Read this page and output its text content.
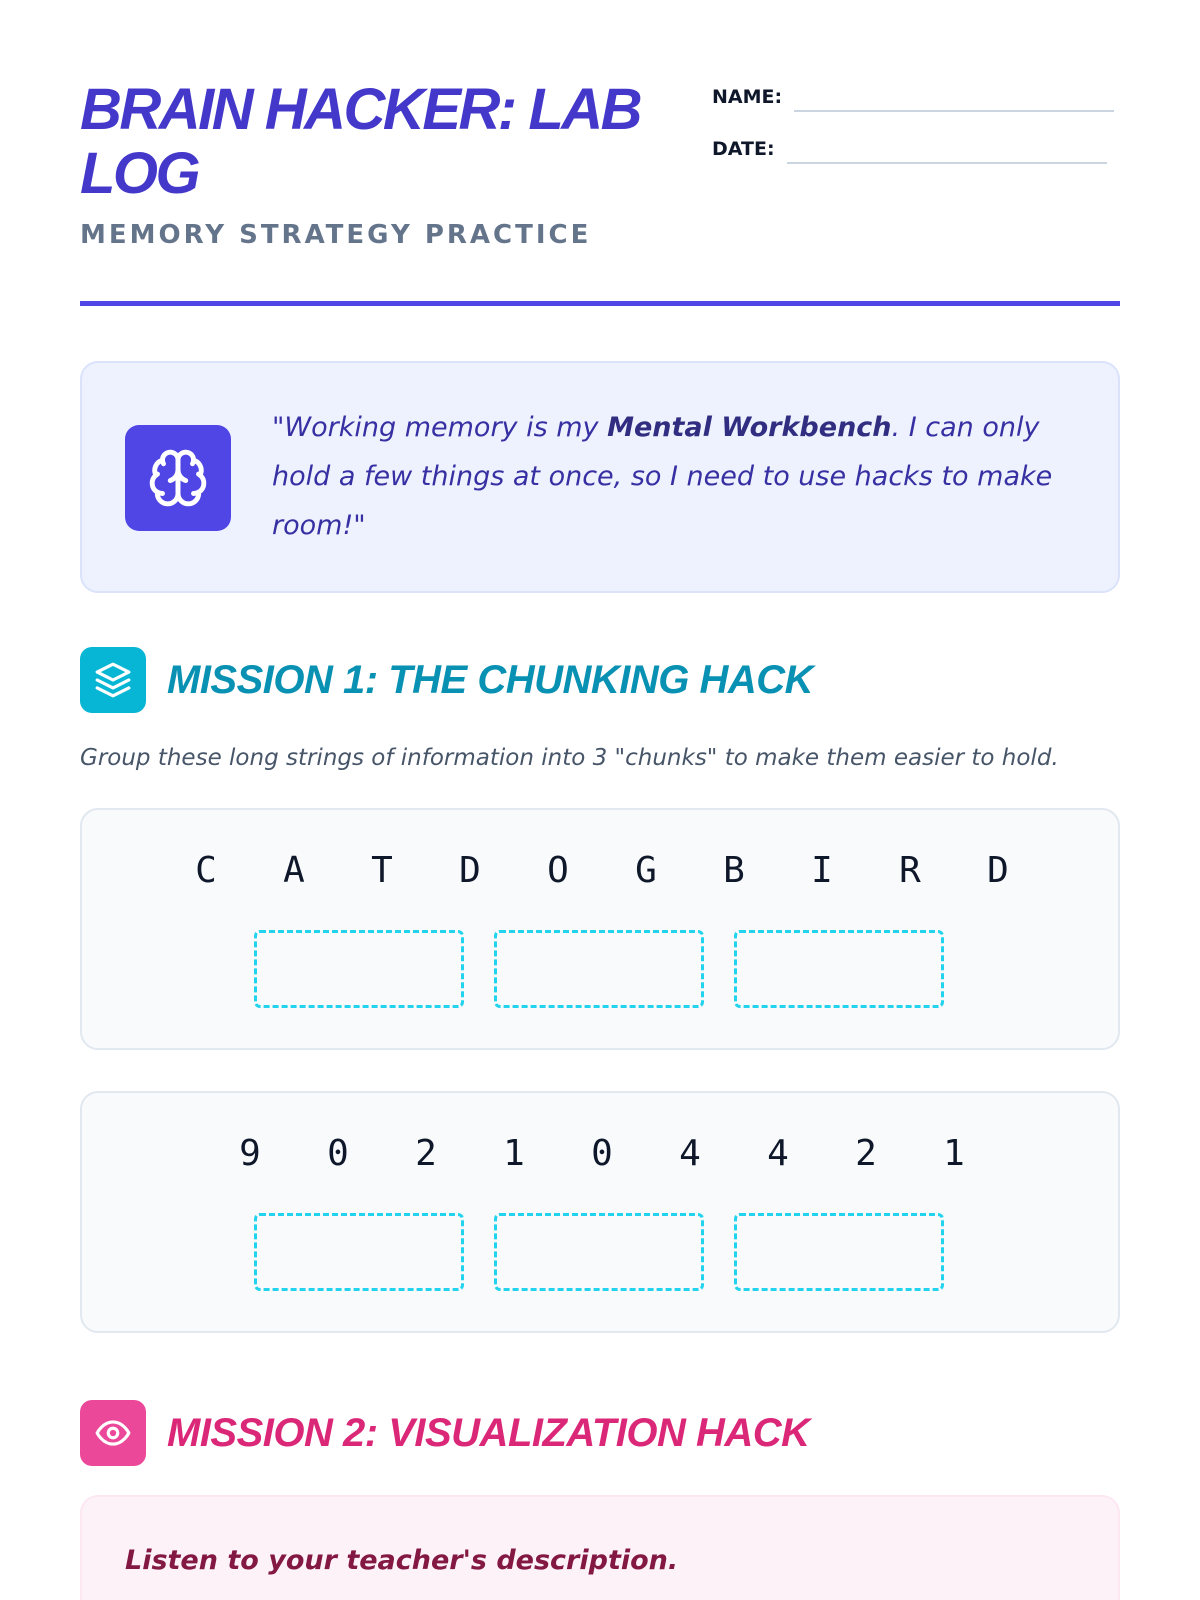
BRAIN HACKER: LAB LOG
MEMORY STRATEGY PRACTICE
NAME:
DATE:

"Working memory is my Mental Workbench. I can only hold a few things at once, so I need to use hacks to make room!"

MISSION 1: THE CHUNKING HACK

Group these long strings of information into 3 "chunks" to make them easier to hold.

C	A	T	D	O	G	B	I	R	D
9	0	2	1	0	4	4	2	1
MISSION 2: VISUALIZATION HACK

Listen to your teacher's description.
